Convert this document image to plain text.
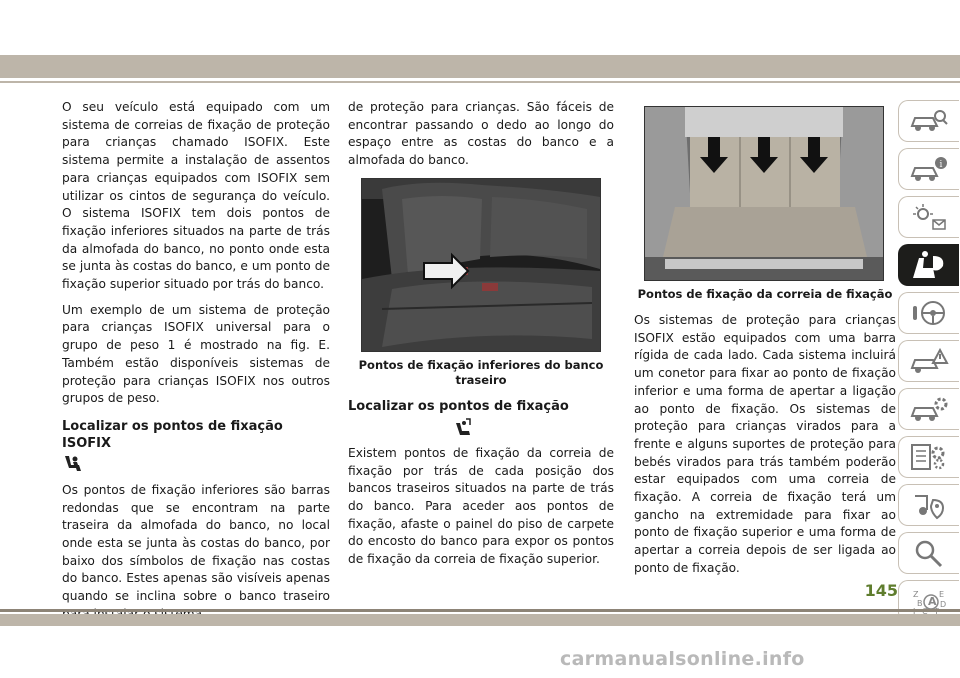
O seu veículo está equipado com um sistema de correias de fixação de proteção para crianças chamado ISOFIX. Este sistema permite a instalação de assentos para crianças equipados com ISOFIX sem utilizar os cintos de segurança do veículo. O sistema ISOFIX tem dois pontos de fixação inferiores situados na parte de trás da almofada do banco, no ponto onde esta se junta às costas do banco, e um ponto de fixação superior situado por trás do banco.

Um exemplo de um sistema de proteção para crianças ISOFIX universal para o grupo de peso 1 é mostrado na fig. E. Também estão disponíveis sistemas de proteção para crianças ISOFIX nos outros grupos de peso.

Localizar os pontos de fixação ISOFIX

Os pontos de fixação inferiores são barras redondas que se encontram na parte traseira da almofada do banco, no local onde esta se junta às costas do banco, por baixo dos símbolos de fixação nas costas do banco. Estes apenas são visíveis apenas quando se inclina sobre o banco traseiro

de proteção para crianças. São fáceis de encontrar passando o dedo ao longo do espaço entre as costas do banco e a almofada do banco.

Pontos de fixação inferiores do banco traseiro
Localizar os pontos de fixação

Existem pontos de fixação da correia de fixação por trás de cada posição dos bancos traseiros situados na parte de trás do banco. Para aceder aos pontos de fixação, afaste o painel do piso de carpete do encosto do banco para expor os pontos de fixação da correia de fixação superior.

Pontos de fixação da correia de fixação

Os sistemas de proteção para crianças ISOFIX estão equipados com uma barra rígida de cada lado. Cada sistema incluirá um conetor para fixar ao ponto de fixação inferior e uma forma de apertar a ligação ao ponto de fixação. Os sistemas de proteção para crianças virados para a frente e alguns suportes de proteção para bebés virados para trás também poderão estar equipados com uma correia de fixação. A correia de fixação terá um gancho na extremidade para fixar ao ponto de fixação superior e uma forma de apertar a correia depois de ser ligada ao ponto de fixação.

i
Z	E
B A D
145
carmanualsonline.info
